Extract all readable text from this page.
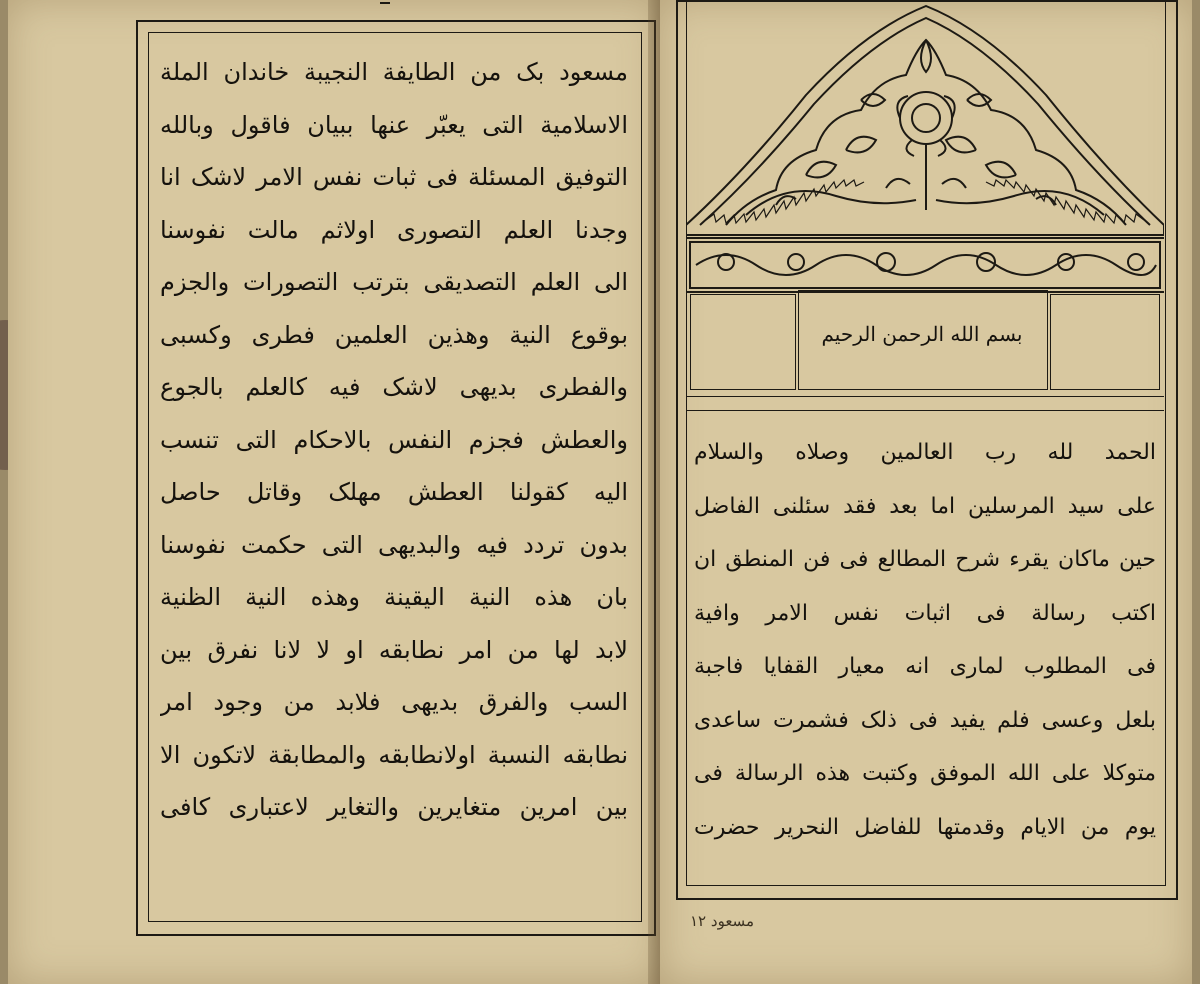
مسعود بک من الطایفة النجیبة خاندان الملة
الاسلامیة التی یعبّر عنها ببیان فاقول وبالله
التوفیق المسئلة فی ثبات نفس الامر لاشک انا
وجدنا العلم التصوری اولاثم مالت نفوسنا
الی العلم التصدیقی بترتب التصورات والجزم
بوقوع النیة وهذین العلمین فطری وکسبی
والفطری بدیهی لاشک فیه کالعلم بالجوع
والعطش فجزم النفس بالاحکام التی تنسب
الیه کقولنا العطش مهلک وقاتل حاصل
بدون تردد فیه والبدیهی التی حکمت نفوسنا
بان هذه النیة الیقینة وهذه النیة الظنیة
لابد لها من امر نطابقه او لا لانا نفرق بین
السب والفرق بدیهی فلابد من وجود امر
نطابقه النسبة اولانطابقه والمطابقة لاتکون الا
بین امرین متغایرین والتغایر لاعتباری کافی
بسم الله الرحمن الرحیم
الحمد لله رب العالمین وصلاه والسلام
علی سید المرسلین اما بعد فقد سئلنی الفاضل
حین ماکان یقرء شرح المطالع فی فن المنطق ان
اکتب رسالة فی اثبات نفس الامر وافیة
فی المطلوب لماری انه معیار القفایا فاجبة
بلعل وعسی فلم یفید فی ذلک فشمرت ساعدی
متوکلا علی الله الموفق وکتبت هذه الرسالة فی
یوم من الایام وقدمتها للفاضل النحریر حضرت
مسعود ۱۲
